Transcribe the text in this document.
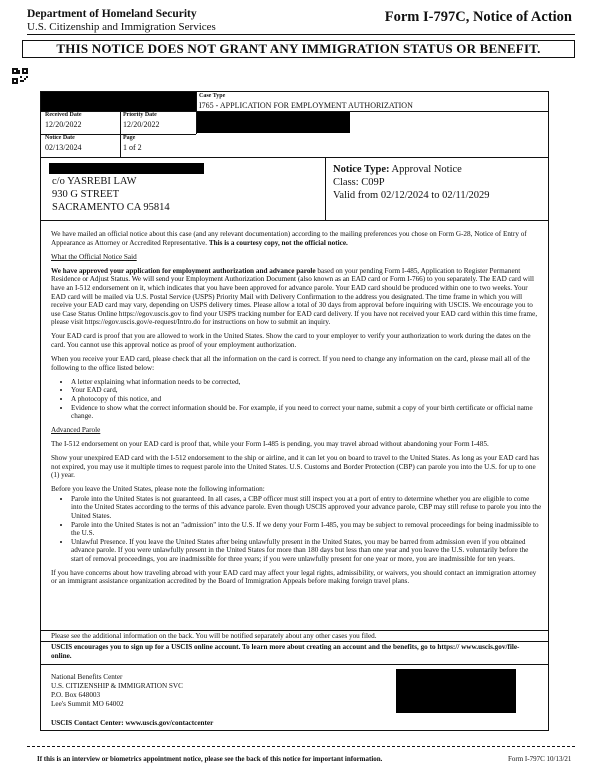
Department of Homeland Security
U.S. Citizenship and Immigration Services
Form I-797C, Notice of Action
THIS NOTICE DOES NOT GRANT ANY IMMIGRATION STATUS OR BENEFIT.
Case Type
I765 - APPLICATION FOR EMPLOYMENT AUTHORIZATION
Received Date
12/20/2022
Priority Date
12/20/2022
Notice Date
02/13/2024
Page
1 of 2
c/o YASREBI LAW
930 G STREET
SACRAMENTO CA 95814
Notice Type: Approval Notice
Class: C09P
Valid from 02/12/2024 to 02/11/2029

We have mailed an official notice about this case (and any relevant documentation) according to the mailing preferences you chose on Form G-28, Notice of Entry of Appearance as Attorney or Accredited Representative. This is a courtesy copy, not the official notice.

What the Official Notice Said

We have approved your application for employment authorization and advance parole based on your pending Form I-485, Application to Register Permanent Residence or Adjust Status. We will send your Employment Authorization Document (also known as an EAD card or Form I-766) to you separately. The EAD card will have an I-512 endorsement on it, which indicates that you have been approved for advance parole. Your EAD card should be produced within one to two weeks. Your EAD card will be mailed via U.S. Postal Service (USPS) Priority Mail with Delivery Confirmation to the address you designated. The time frame in which you will receive your EAD card may vary, depending on USPS delivery times. Please allow a total of 30 days from approval before inquiring with USCIS. We encourage you to use Case Status Online https://egov.uscis.gov to find your USPS tracking number for EAD card delivery. If you have not received your EAD card within this time frame, please visit https://egov.uscis.gov/e-request/Intro.do for instructions on how to submit an inquiry.

Your EAD card is proof that you are allowed to work in the United States. Show the card to your employer to verify your authorization to work during the dates on the card. You cannot use this approval notice as proof of your employment authorization.

When you receive your EAD card, please check that all the information on the card is correct. If you need to change any information on the card, please mail all of the following to the office listed below:

• A letter explaining what information needs to be corrected,
• Your EAD card,
• A photocopy of this notice, and
• Evidence to show what the correct information should be. For example, if you need to correct your name, submit a copy of your birth certificate or official name change.

Advanced Parole

The I-512 endorsement on your EAD card is proof that, while your Form I-485 is pending, you may travel abroad without abandoning your Form I-485.

Show your unexpired EAD card with the I-512 endorsement to the ship or airline, and it can let you on board to travel to the United States. As long as your EAD card has not expired, you may use it multiple times to request parole into the United States. U.S. Customs and Border Protection (CBP) can parole you into the U.S. for up to one (1) year.

Before you leave the United States, please note the following information:

• Parole into the United States is not guaranteed. In all cases, a CBP officer must still inspect you at a port of entry to determine whether you are eligible to come into the United States according to the terms of this advance parole. Even though USCIS approved your advance parole, CBP may still refuse to parole you into the United States.
• Parole into the United States is not an "admission" into the U.S. If we deny your Form I-485, you may be subject to removal proceedings for being inadmissible to the U.S.
• Unlawful Presence. If you leave the United States after being unlawfully present in the United States, you may be barred from admission even if you obtained advance parole. If you were unlawfully present in the United States for more than 180 days but less than one year and you leave the U.S. voluntarily before the start of removal proceedings, you are inadmissible for three years; if you were unlawfully present for one year or more, you are inadmissible for ten years.

If you have concerns about how traveling abroad with your EAD card may affect your legal rights, admissibility, or waivers, you should contact an immigration attorney or an immigrant assistance organization accredited by the Board of Immigration Appeals before making foreign travel plans.

Please see the additional information on the back. You will be notified separately about any other cases you filed.
USCIS encourages you to sign up for a USCIS online account. To learn more about creating an account and the benefits, go to https:// www.uscis.gov/file-online.
National Benefits Center
U.S. CITIZENSHIP & IMMIGRATION SVC
P.O. Box 648003
Lee's Summit MO 64002
USCIS Contact Center: www.uscis.gov/contactcenter
If this is an interview or biometrics appointment notice, please see the back of this notice for important information.	Form I-797C 10/13/21
